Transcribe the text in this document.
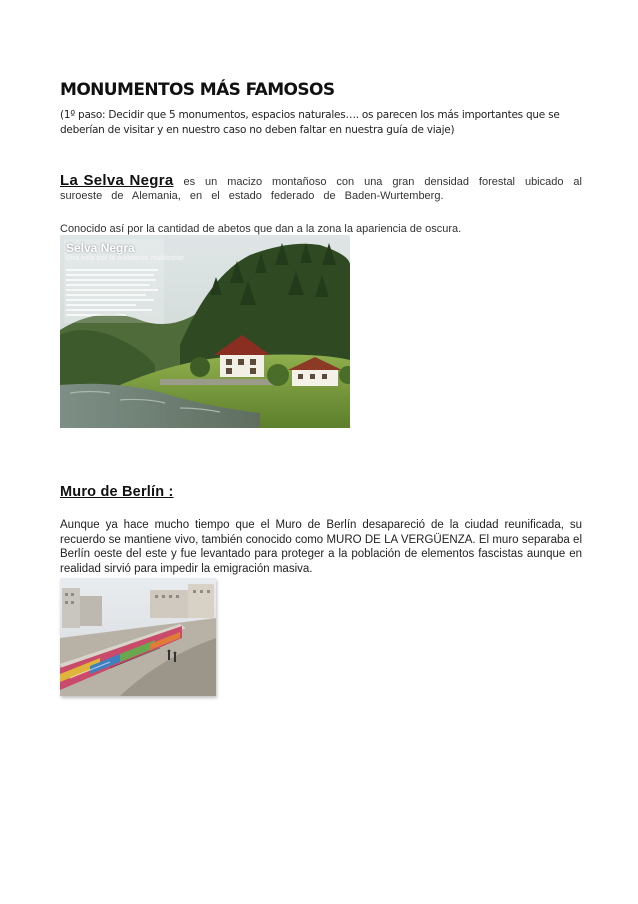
MONUMENTOS MÁS FAMOSOS
(1º paso: Decidir que 5 monumentos, espacios naturales…. os parecen los más importantes que se deberían de visitar y en nuestro caso no deben faltar en nuestra guía de viaje)
La Selva Negra es un macizo montañoso con una gran densidad forestal ubicado al suroeste de Alemania, en el estado federado de Baden-Wurtemberg.
Conocido así por la cantidad de abetos que dan a la zona la apariencia de oscura.
Selva Negra
Una ruta por la Alemania multicolor
Muro de Berlín :
Aunque ya hace mucho tiempo que el Muro de Berlín desapareció de la ciudad reunificada, su recuerdo se mantiene vivo, también conocido como MURO DE LA VERGÜENZA. El muro separaba el Berlín oeste del este y fue levantado para proteger a la población de elementos fascistas aunque en realidad sirvió para impedir la emigración masiva.
